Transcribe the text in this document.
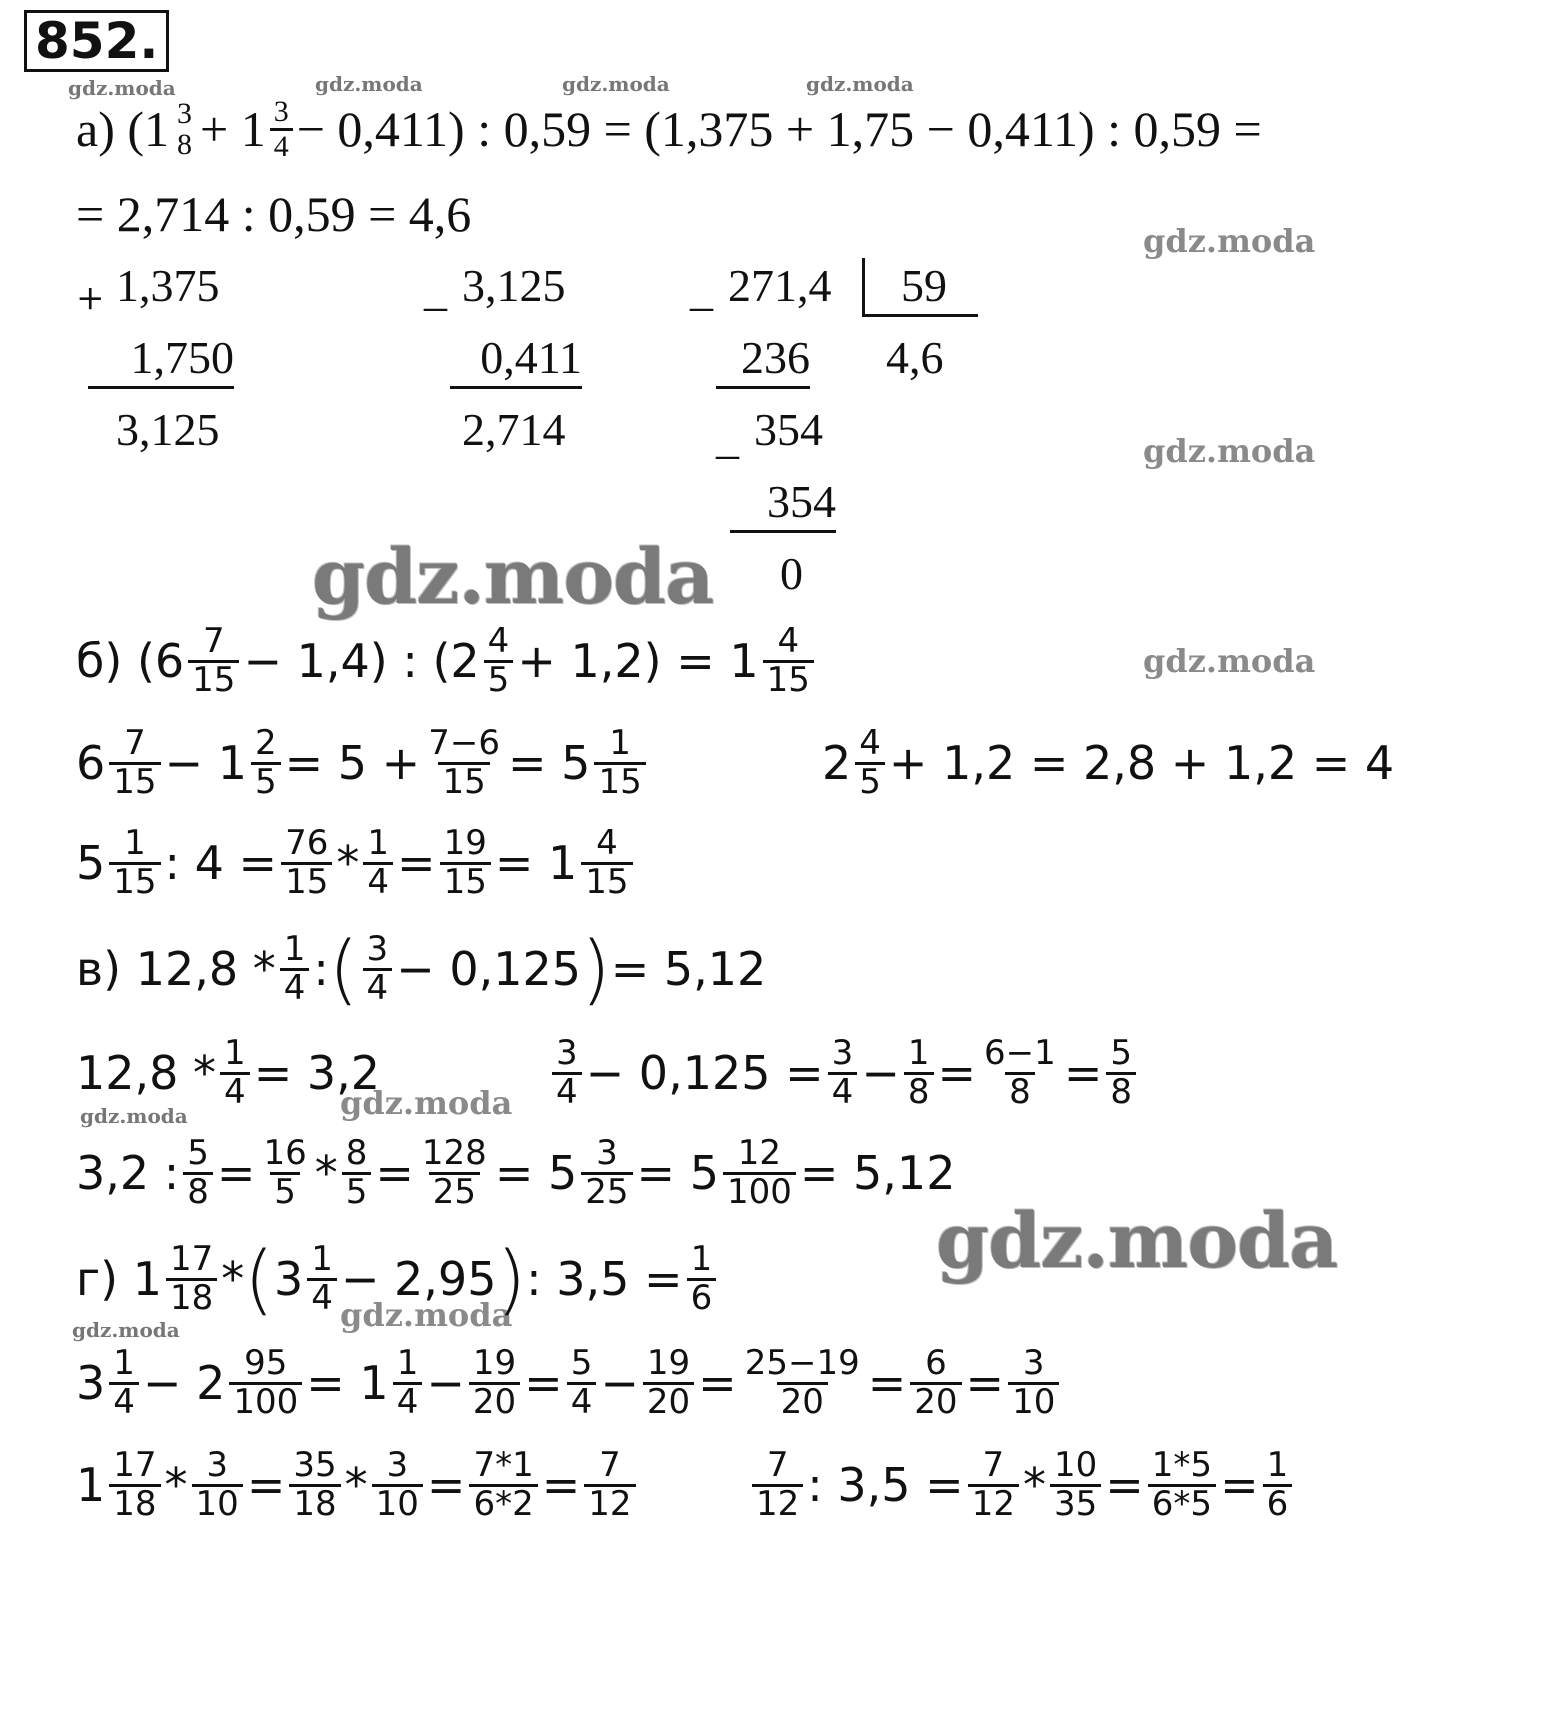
852.
gdz.moda	gdz.moda	gdz.moda	gdz.moda
gdz.moda
gdz.moda
gdz.moda
gdz.moda
gdz.moda	gdz.moda
gdz.moda
gdz.moda	gdz.moda
а)
(1 3
$8 + 1 \frac{3}{4} - 0,411$) : 0,59 = (1,375 + 1,75 − 0,411) : 0,59 =
= 2,714 : 0,59 = 4,6
+ 1,375
1,750
3,125
_ 3,125
0,411
2,714
_ 271,4	59
4,6
236
_ 354
354
0
б)
$(6 \frac{7}{15} - 1,4)$ : $(2 \frac{4}{5} + 1,2) = 1 \frac{4}{15}$
$6 \frac{7}{15} - 1 \frac{2}{5} = 5 + \frac{7-6}{15} = 5 \frac{1}{15}$	$2 \frac{4}{5} + 1,2 = 2,8 + 1,2 = 4$
$5 \frac{1}{15}$ : $4 = \frac{76}{15} * \frac{1}{4} = \frac{19}{15} = 1 \frac{4}{15}$
в)
$12,8 * \frac{1}{4}$ : ( $\frac{3}{4} - 0,125$ ) = 5,12
$12,8 * \frac{1}{4} = 3,2$	$\frac{3}{4} - 0,125 = \frac{3}{4} - \frac{1}{8} = \frac{6-1}{8} = \frac{5}{8}$
3,2 : $\frac{5}{8} = \frac{16}{5} * \frac{8}{5} = \frac{128}{25} = 5 \frac{3}{25} = 5 \frac{12}{100} = 5,12$
г)
$1 \frac{17}{18}$ * ( $3 \frac{1}{4} - 2,95$ ) : $3,5 = \frac{1}{6}$
$3 \frac{1}{4} - 2 \frac{95}{100} = 1 \frac{1}{4} - \frac{19}{20} = \frac{5}{4} - \frac{19}{20} = \frac{25-19}{20} = \frac{6}{20} = \frac{3}{10}$
$1 \frac{17}{18} * \frac{3}{10} = \frac{35}{18} * \frac{3}{10} = \frac{7*1}{6*2} = \frac{7}{12}$	$\frac{7}{12}$ : $3,5 = \frac{7}{12} * \frac{10}{35} = \frac{1*5}{6*5} = \frac{1}{6}$
